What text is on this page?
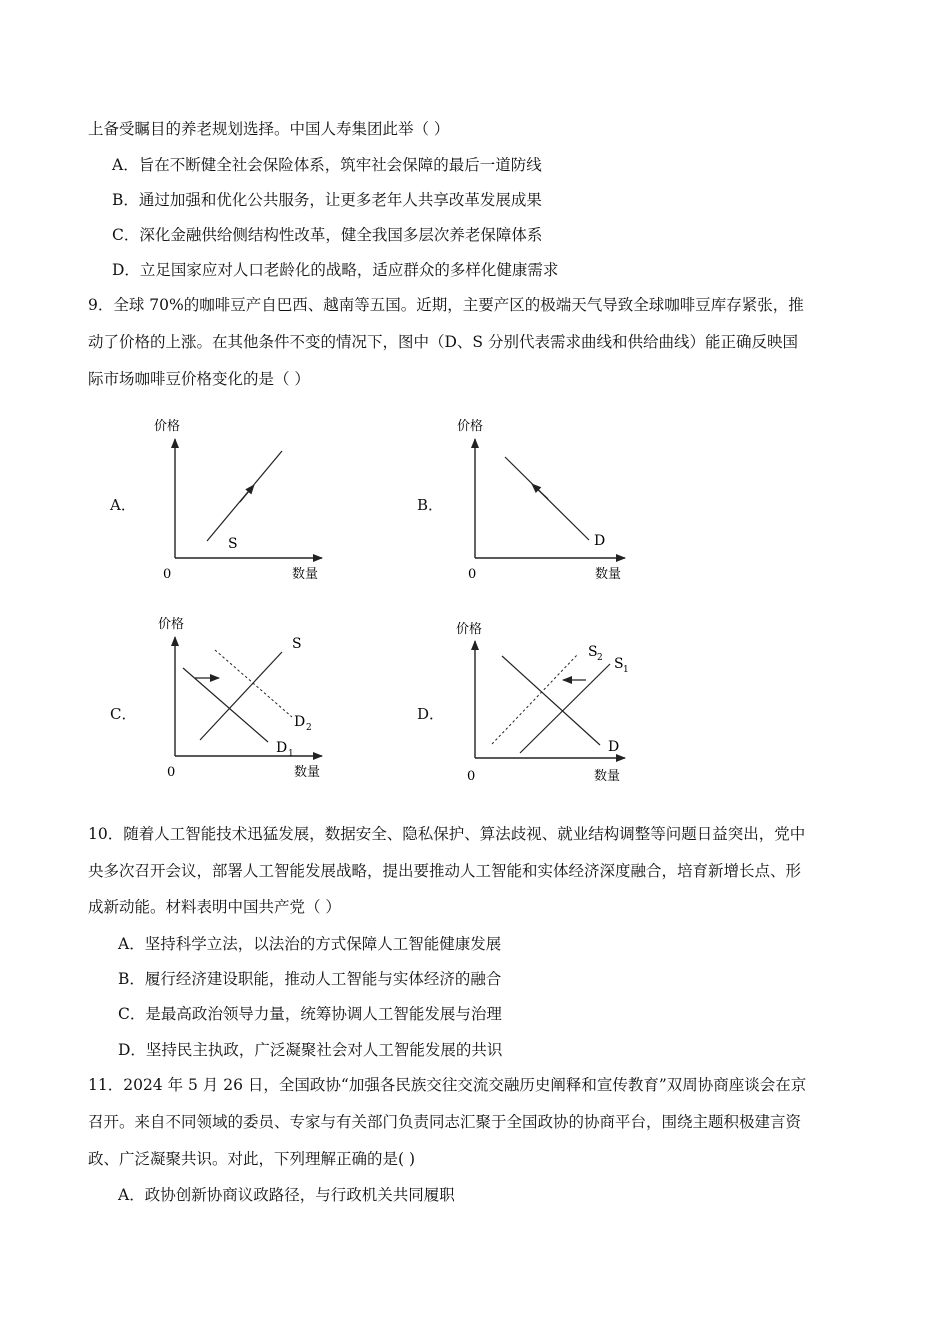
上备受瞩目的养老规划选择。中国人寿集团此举（ ）
A．旨在不断健全社会保险体系，筑牢社会保障的最后一道防线
B．通过加强和优化公共服务，让更多老年人共享改革发展成果
C．深化金融供给侧结构性改革，健全我国多层次养老保障体系
D．立足国家应对人口老龄化的战略，适应群众的多样化健康需求
9．全球 70%的咖啡豆产自巴西、越南等五国。近期，主要产区的极端天气导致全球咖啡豆库存紧张，推
动了价格的上涨。在其他条件不变的情况下，图中（D、S 分别代表需求曲线和供给曲线）能正确反映国
际市场咖啡豆价格变化的是（ ）
A．	B．
C．	D．
价格
数量
0
S
价格
数量
0
D
价格
数量
0
S
D 1
D 2
价格
数量
0
S 2 S 1
D
10．随着人工智能技术迅猛发展，数据安全、隐私保护、算法歧视、就业结构调整等问题日益突出，党中
央多次召开会议，部署人工智能发展战略，提出要推动人工智能和实体经济深度融合，培育新增长点、形
成新动能。材料表明中国共产党（ ）
A．坚持科学立法，以法治的方式保障人工智能健康发展
B．履行经济建设职能，推动人工智能与实体经济的融合
C．是最高政治领导力量，统筹协调人工智能发展与治理
D．坚持民主执政，广泛凝聚社会对人工智能发展的共识
11．2024 年 5 月 26 日，全国政协“加强各民族交往交流交融历史阐释和宣传教育”双周协商座谈会在京
召开。来自不同领域的委员、专家与有关部门负责同志汇聚于全国政协的协商平台，围绕主题积极建言资
政、广泛凝聚共识。对此，下列理解正确的是( )
A．政协创新协商议政路径，与行政机关共同履职
